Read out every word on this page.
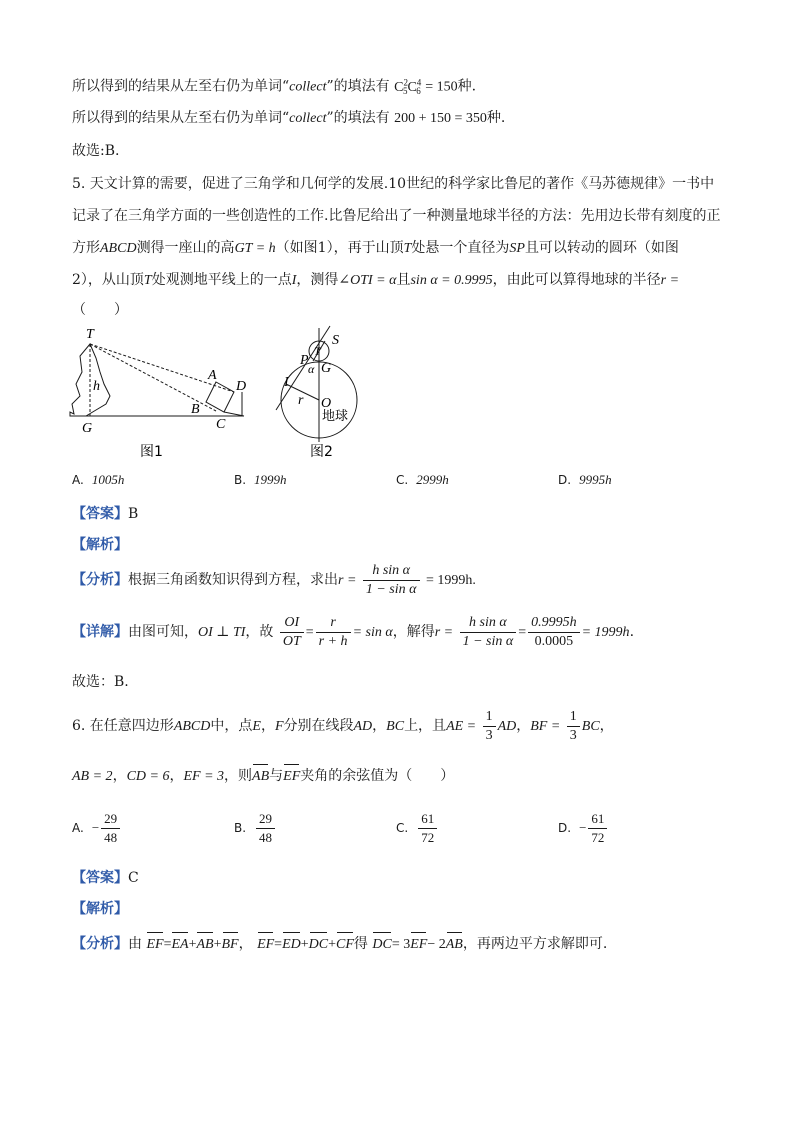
所以得到的结果从左至右仍为单词“collect”的填法有 $C^2_5C^4_6 = 150$种.
所以得到的结果从左至右仍为单词“collect”的填法有 200 + 150 = 350种.
故选:B.
5. 天文计算的需要，促进了三角学和几何学的发展.10世纪的科学家比鲁尼的著作《马苏德规律》一书中
记录了在三角学方面的一些创造性的工作.比鲁尼给出了一种测量地球半径的方法：先用边长带有刻度的正
方形ABCD测得一座山的高GT = h（如图1），再于山顶T处悬一个直径为SP且可以转动的圆环（如图
2），从山顶T处观测地平线上的一点I，测得∠OTI = α且sin α = 0.9995，由此可以算得地球的半径r =
（　　）
T
h
G
A
B
C
D
图1
S
P
T
G
α
I
r O
地球
图2
A. 1005h	B. 1999h	C. 2999h	D. 9995h
【答案】B
【解析】
【分析】根据三角函数知识得到方程，求出$r = \frac{\text{h sin α}}{\text{1 − sin α}} = 1999h$.
【详解】由图可知，OI ⊥ TI，故 $\frac{OI}{OT} = \frac{r}{r + h} = \sin \alpha$，解得$r = \frac{\text{h sin α}}{\text{1 − sin α}} = \frac{0.9995h}{0.0005} = 1999h$.
故选：B.
6. 在任意四边形ABCD中，点E，F分别在线段AD，BC上，且AE = $\frac{1}{3}$ AD，BF = $\frac{1}{3}$ BC，
AB = 2，CD = 6，EF = 3，则AB与EF夹角的余弦值为（　　）
A. − $\frac{29}{48}$	B. $\frac{29}{48}$	C. $\frac{61}{72}$	D. − $\frac{61}{72}$
【答案】C
【解析】
【分析】由 EF=EA+AB+BF， EF=ED+DC+CF得 DC= 3EF− 2AB，再两边平方求解即可.
